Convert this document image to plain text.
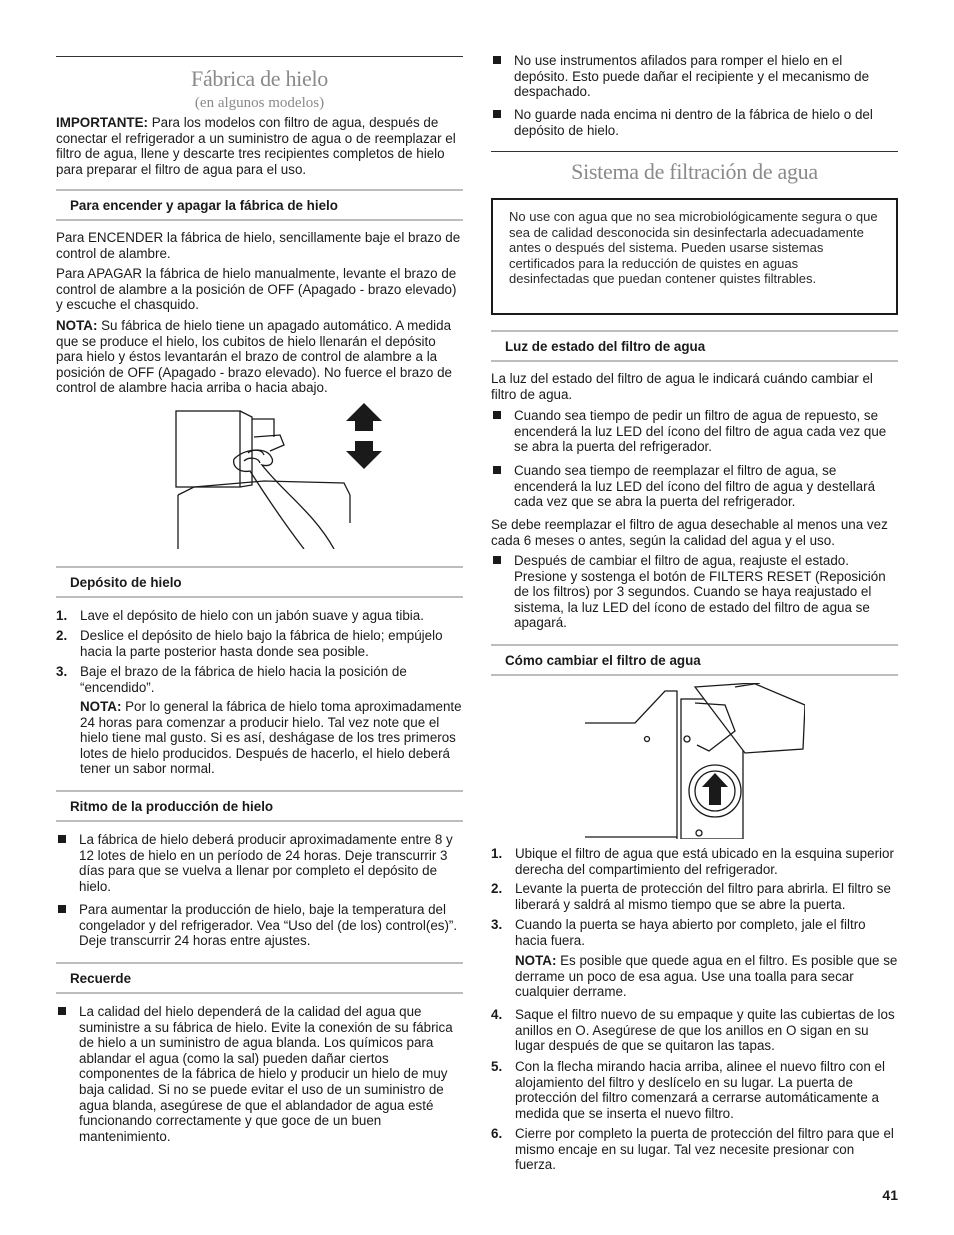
Fábrica de hielo
(en algunos modelos)

IMPORTANTE: Para los modelos con filtro de agua, después de conectar el refrigerador a un suministro de agua o de reemplazar el filtro de agua, llene y descarte tres recipientes completos de hielo para preparar el filtro de agua para el uso.

Para encender y apagar la fábrica de hielo

Para ENCENDER la fábrica de hielo, sencillamente baje el brazo de control de alambre.

Para APAGAR la fábrica de hielo manualmente, levante el brazo de control de alambre a la posición de OFF (Apagado - brazo elevado) y escuche el chasquido.

NOTA: Su fábrica de hielo tiene un apagado automático. A medida que se produce el hielo, los cubitos de hielo llenarán el depósito para hielo y éstos levantarán el brazo de control de alambre a la posición de OFF (Apagado - brazo elevado). No fuerce el brazo de control de alambre hacia arriba o hacia abajo.

Depósito de hielo
1. Lave el depósito de hielo con un jabón suave y agua tibia.
2. Deslice el depósito de hielo bajo la fábrica de hielo; empújelo hacia la parte posterior hasta donde sea posible.
3. Baje el brazo de la fábrica de hielo hacia la posición de “encendido”.
NOTA: Por lo general la fábrica de hielo toma aproximadamente 24 horas para comenzar a producir hielo. Tal vez note que el hielo tiene mal gusto. Si es así, deshágase de los tres primeros lotes de hielo producidos. Después de hacerlo, el hielo deberá tener un sabor normal.
Ritmo de la producción de hielo
La fábrica de hielo deberá producir aproximadamente entre 8 y 12 lotes de hielo en un período de 24 horas. Deje transcurrir 3 días para que se vuelva a llenar por completo el depósito de hielo.
Para aumentar la producción de hielo, baje la temperatura del congelador y del refrigerador. Vea “Uso del (de los) control(es)”. Deje transcurrir 24 horas entre ajustes.
Recuerde
La calidad del hielo dependerá de la calidad del agua que suministre a su fábrica de hielo. Evite la conexión de su fábrica de hielo a un suministro de agua blanda. Los químicos para ablandar el agua (como la sal) pueden dañar ciertos componentes de la fábrica de hielo y producir un hielo de muy baja calidad. Si no se puede evitar el uso de un suministro de agua blanda, asegúrese de que el ablandador de agua esté funcionando correctamente y que goce de un buen mantenimiento.
No use instrumentos afilados para romper el hielo en el depósito. Esto puede dañar el recipiente y el mecanismo de despachado.
No guarde nada encima ni dentro de la fábrica de hielo o del depósito de hielo.
Sistema de filtración de agua
No use con agua que no sea microbiológicamente segura o que sea de calidad desconocida sin desinfectarla adecuadamente antes o después del sistema. Pueden usarse sistemas certificados para la reducción de quistes en aguas desinfectadas que puedan contener quistes filtrables.
Luz de estado del filtro de agua
La luz del estado del filtro de agua le indicará cuándo cambiar el filtro de agua.
Cuando sea tiempo de pedir un filtro de agua de repuesto, se encenderá la luz LED del ícono del filtro de agua cada vez que se abra la puerta del refrigerador.
Cuando sea tiempo de reemplazar el filtro de agua, se encenderá la luz LED del ícono del filtro de agua y destellará cada vez que se abra la puerta del refrigerador.
Se debe reemplazar el filtro de agua desechable al menos una vez cada 6 meses o antes, según la calidad del agua y el uso.
Después de cambiar el filtro de agua, reajuste el estado. Presione y sostenga el botón de FILTERS RESET (Reposición de los filtros) por 3 segundos. Cuando se haya reajustado el sistema, la luz LED del ícono de estado del filtro de agua se apagará.
Cómo cambiar el filtro de agua
1. Ubique el filtro de agua que está ubicado en la esquina superior derecha del compartimiento del refrigerador.
2. Levante la puerta de protección del filtro para abrirla. El filtro se liberará y saldrá al mismo tiempo que se abre la puerta.
3. Cuando la puerta se haya abierto por completo, jale el filtro hacia fuera.
NOTA: Es posible que quede agua en el filtro. Es posible que se derrame un poco de esa agua. Use una toalla para secar cualquier derrame.
4. Saque el filtro nuevo de su empaque y quite las cubiertas de los anillos en O. Asegúrese de que los anillos en O sigan en su lugar después de que se quitaron las tapas.
5. Con la flecha mirando hacia arriba, alinee el nuevo filtro con el alojamiento del filtro y deslícelo en su lugar. La puerta de protección del filtro comenzará a cerrarse automáticamente a medida que se inserta el nuevo filtro.
6. Cierre por completo la puerta de protección del filtro para que el mismo encaje en su lugar. Tal vez necesite presionar con fuerza.
41
